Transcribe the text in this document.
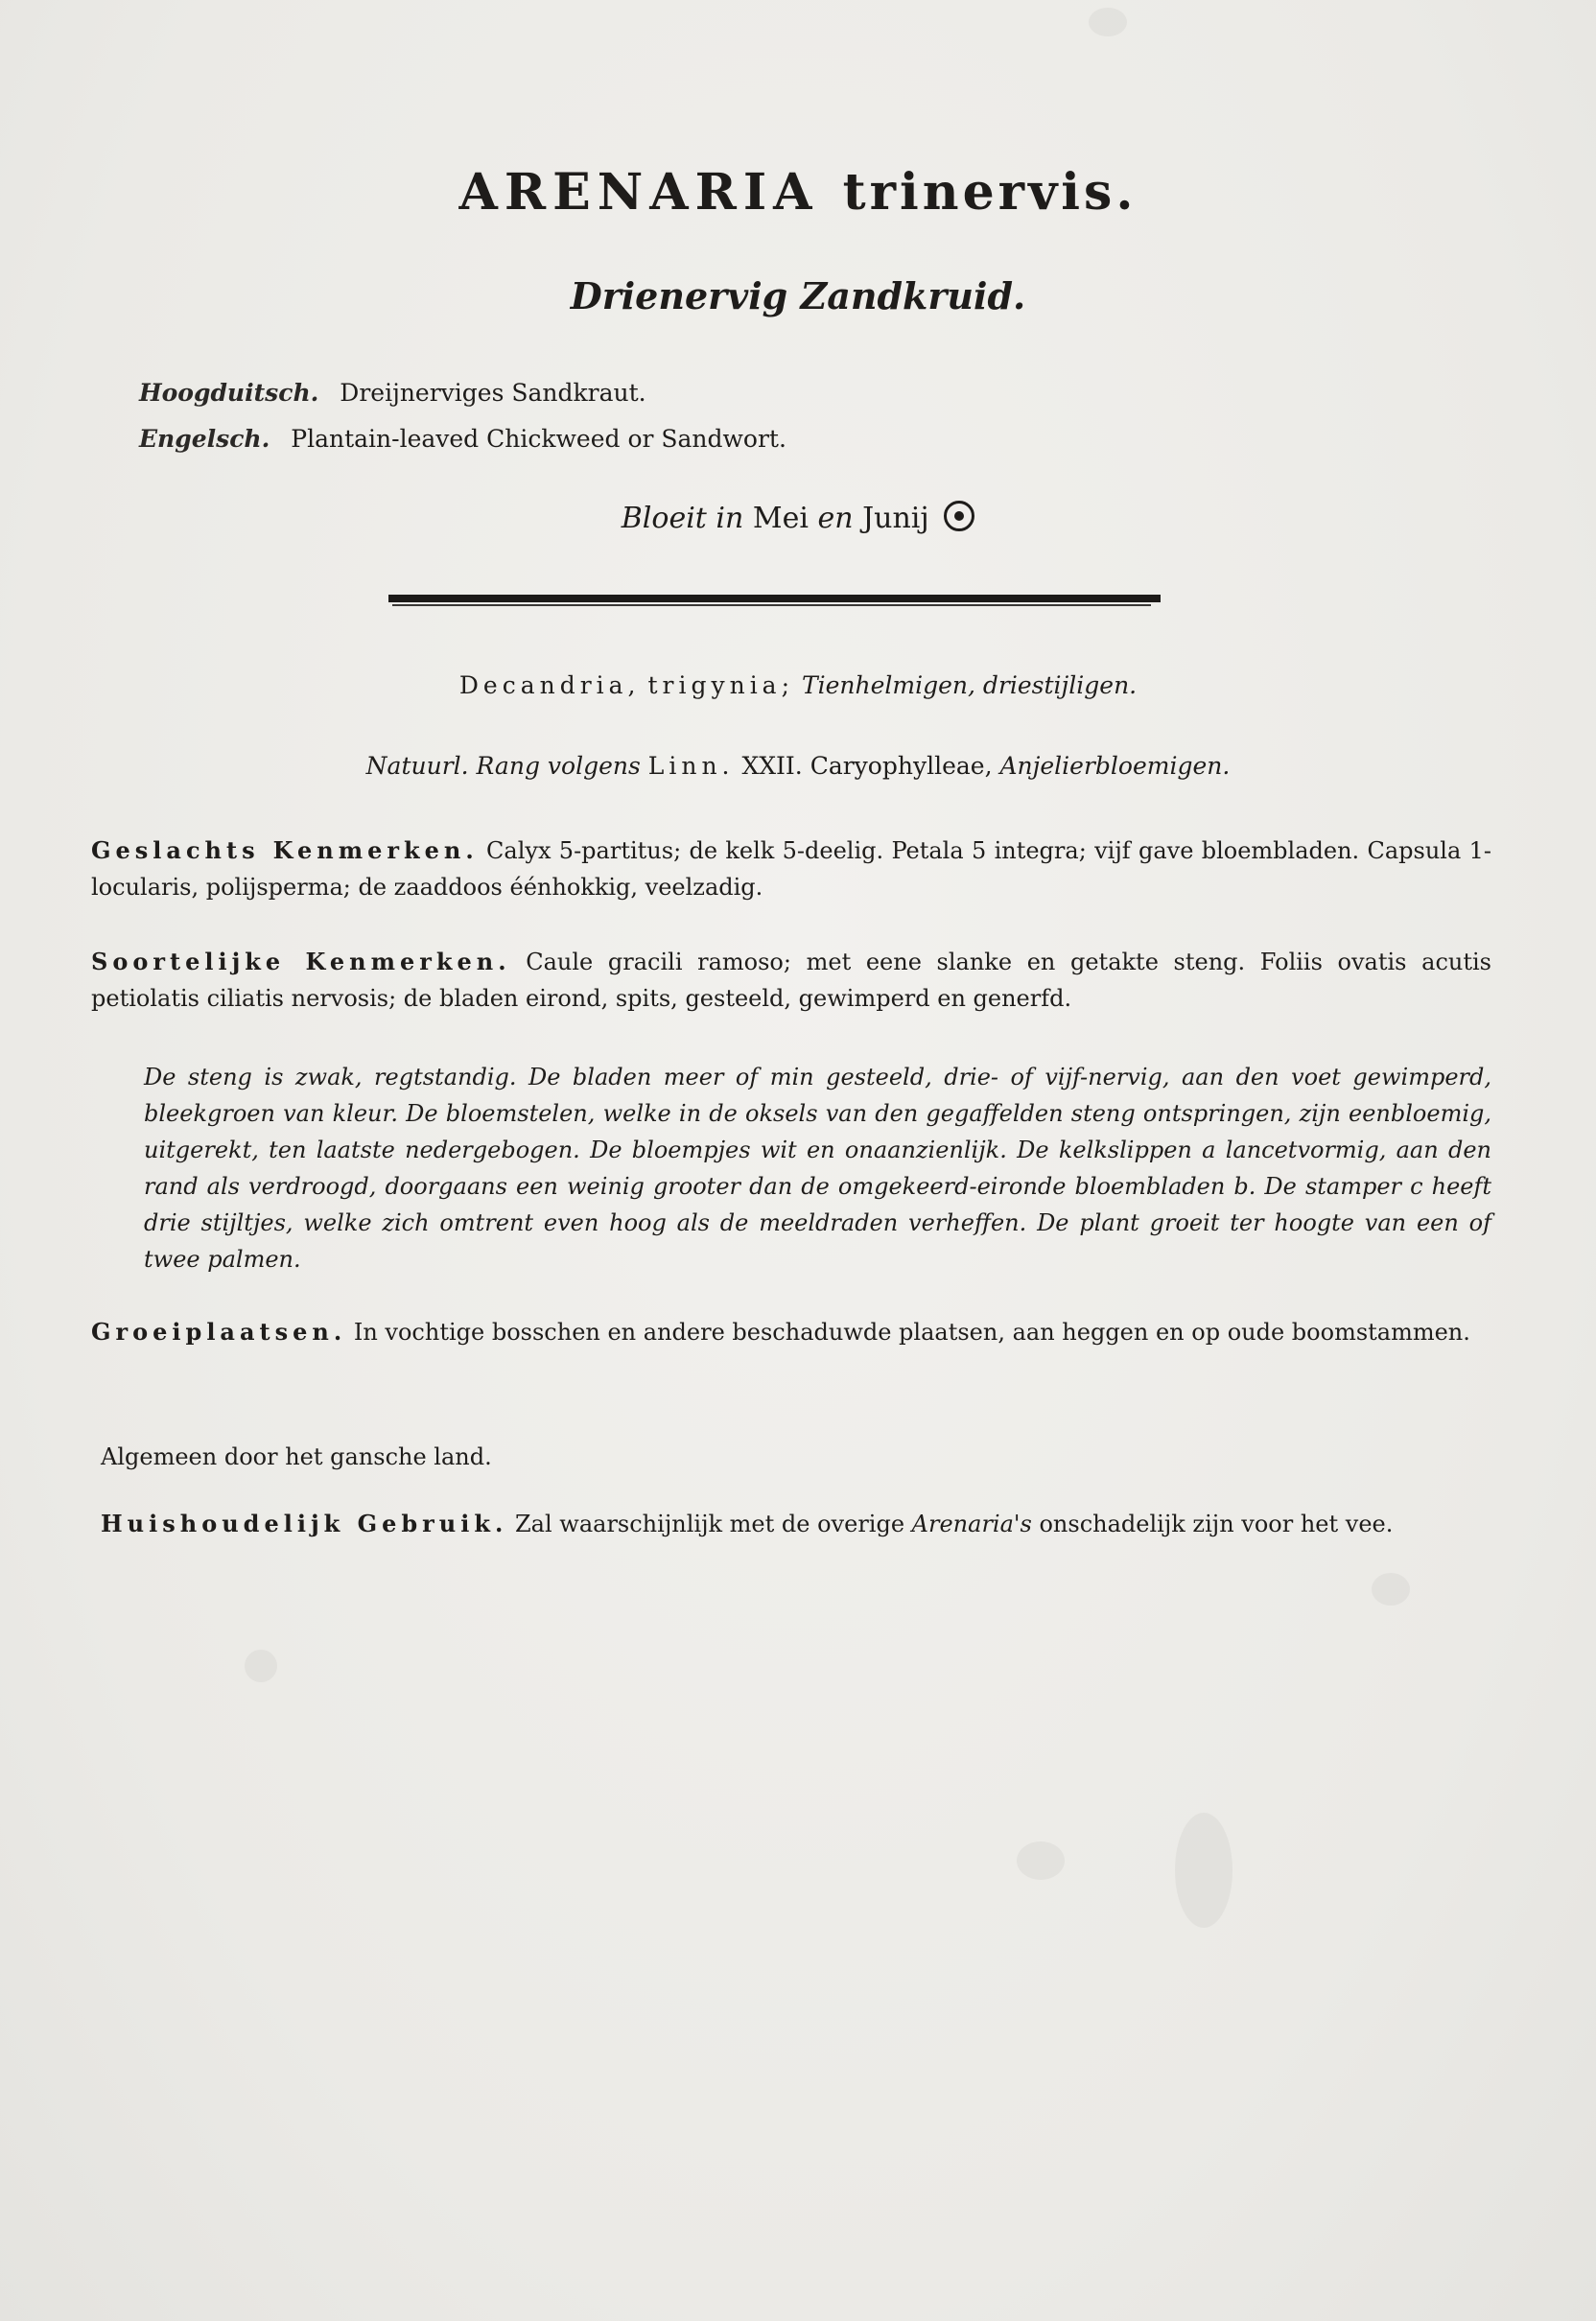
ARENARIA trinervis.
Drienervig Zandkruid.
Hoogduitsch. Dreijnerviges Sandkraut.
Engelsch. Plantain-leaved Chickweed or Sandwort.
Bloeit in Mei en Junij
Decandria, trigynia; Tienhelmigen, driestijligen.
Natuurl. Rang volgens Linn. XXII. Caryophylleae, Anjelierbloemigen.
Geslachts Kenmerken. Calyx 5-partitus; de kelk 5-deelig. Petala 5 integra; vijf gave bloembladen. Capsula 1-locularis, polijsperma; de zaaddoos éénhokkig, veelzadig.
Soortelijke Kenmerken. Caule gracili ramoso; met eene slanke en getakte steng. Foliis ovatis acutis petiolatis ciliatis nervosis; de bladen eirond, spits, gesteeld, gewimperd en generfd.
De steng is zwak, regtstandig. De bladen meer of min gesteeld, drie- of vijf-nervig, aan den voet gewimperd, bleekgroen van kleur. De bloemstelen, welke in de oksels van den gegaffelden steng ontspringen, zijn eenbloemig, uitgerekt, ten laatste nedergebogen. De bloempjes wit en onaanzienlijk. De kelkslippen a lancetvormig, aan den rand als verdroogd, doorgaans een weinig grooter dan de omgekeerd-eironde bloembladen b. De stamper c heeft drie stijltjes, welke zich omtrent even hoog als de meeldraden verheffen. De plant groeit ter hoogte van een of twee palmen.
Groeiplaatsen. In vochtige bosschen en andere beschaduwde plaatsen, aan heggen en op oude boomstammen.
Algemeen door het gansche land.
Huishoudelijk Gebruik. Zal waarschijnlijk met de overige Arenaria's onschadelijk zijn voor het vee.
